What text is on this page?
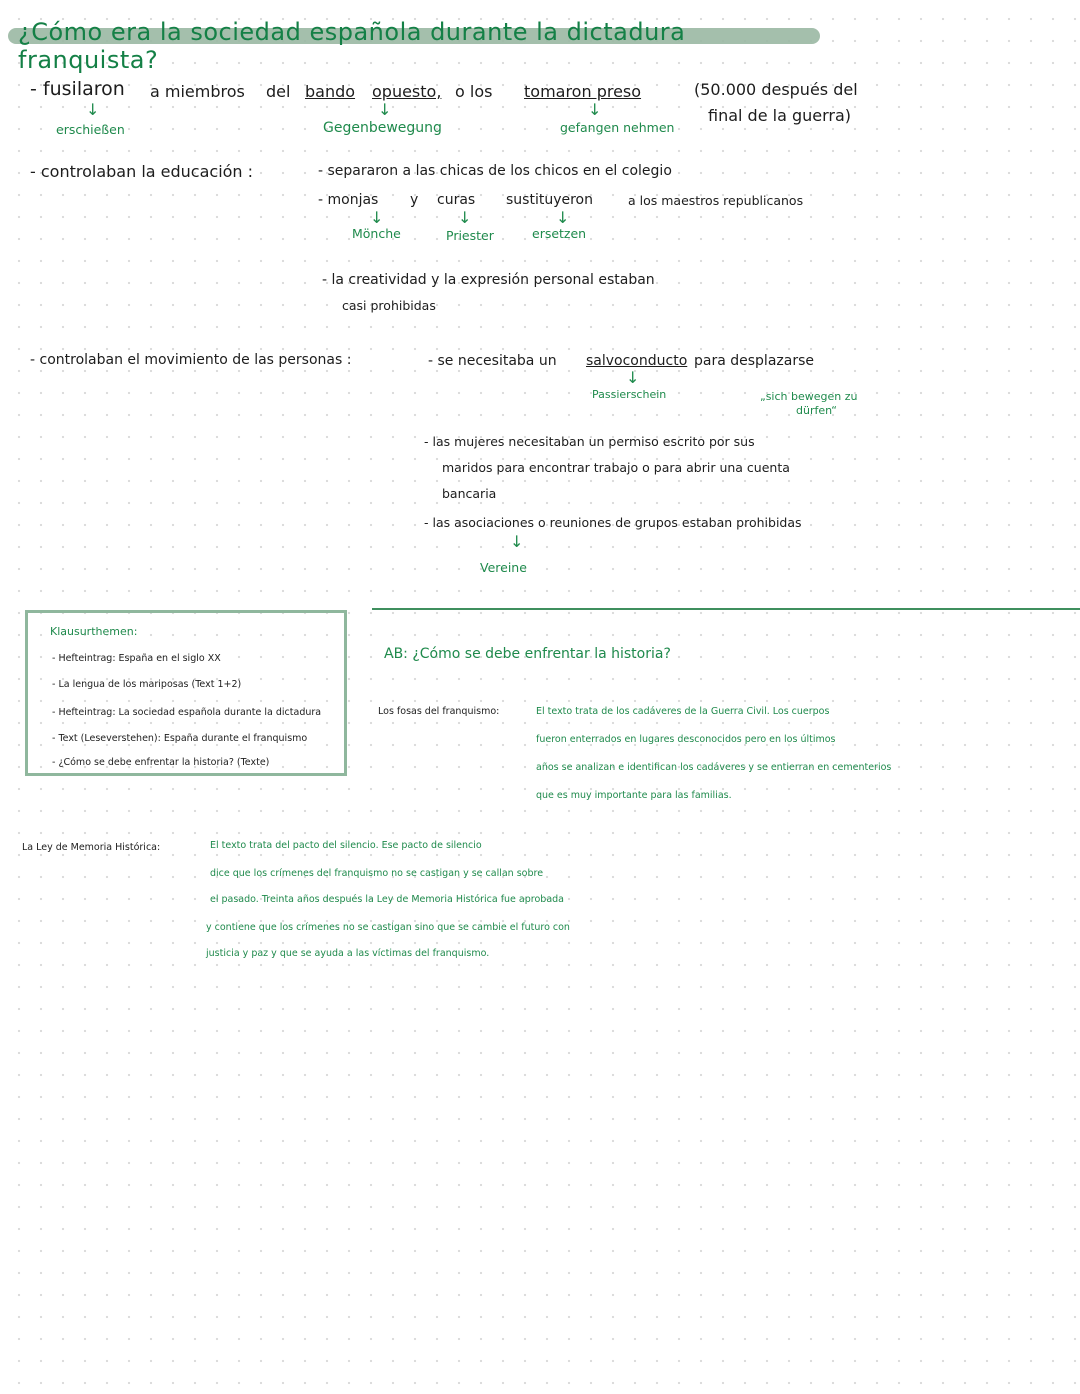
¿Cómo era la sociedad española durante la dictadura franquista?
- fusilaron a miembros del bando opuesto, o los tomaron preso	(50.000 después del
final de la guerra)
↓	↓	↓
erschießen	Gegenbewegung	gefangen nehmen
- controlaban la educación :	- separaron a las chicas de los chicos en el colegio
- monjas y curas sustituyeron	a los maestros republicanos
↓	↓	↓
Mönche	Priester	ersetzen
- la creatividad y la expresión personal estaban
casi prohibidas
- controlaban el movimiento de las personas :	- se necesitaba un salvoconducto para desplazarse
↓
Passierschein	„sich bewegen zu
dürfen“
- las mujeres necesitaban un permiso escrito por sus
maridos para encontrar trabajo o para abrir una cuenta
bancaria
- las asociaciones o reuniones de grupos estaban prohibidas
↓
Vereine
Klausurthemen:
- Hefteintrag: España en el siglo XX
- La lengua de los mariposas (Text 1+2)
- Hefteintrag: La sociedad española durante la dictadura
- Text (Leseverstehen): España durante el franquismo
- ¿Cómo se debe enfrentar la historia? (Texte)
AB: ¿Cómo se debe enfrentar la historia?
Los fosas del franquismo:	El texto trata de los cadáveres de la Guerra Civil. Los cuerpos
fueron enterrados en lugares desconocidos pero en los últimos
años se analizan e identifican los cadáveres y se entierran en cementerios
que es muy importante para las familias.
La Ley de Memoria Histórica:	El texto trata del pacto del silencio. Ese pacto de silencio
dice que los crímenes del franquismo no se castigan y se callan sobre
el pasado. Treinta años después la Ley de Memoria Histórica fue aprobada
y contiene que los crímenes no se castigan sino que se cambie el futuro con
justicia y paz y que se ayuda a las víctimas del franquismo.
